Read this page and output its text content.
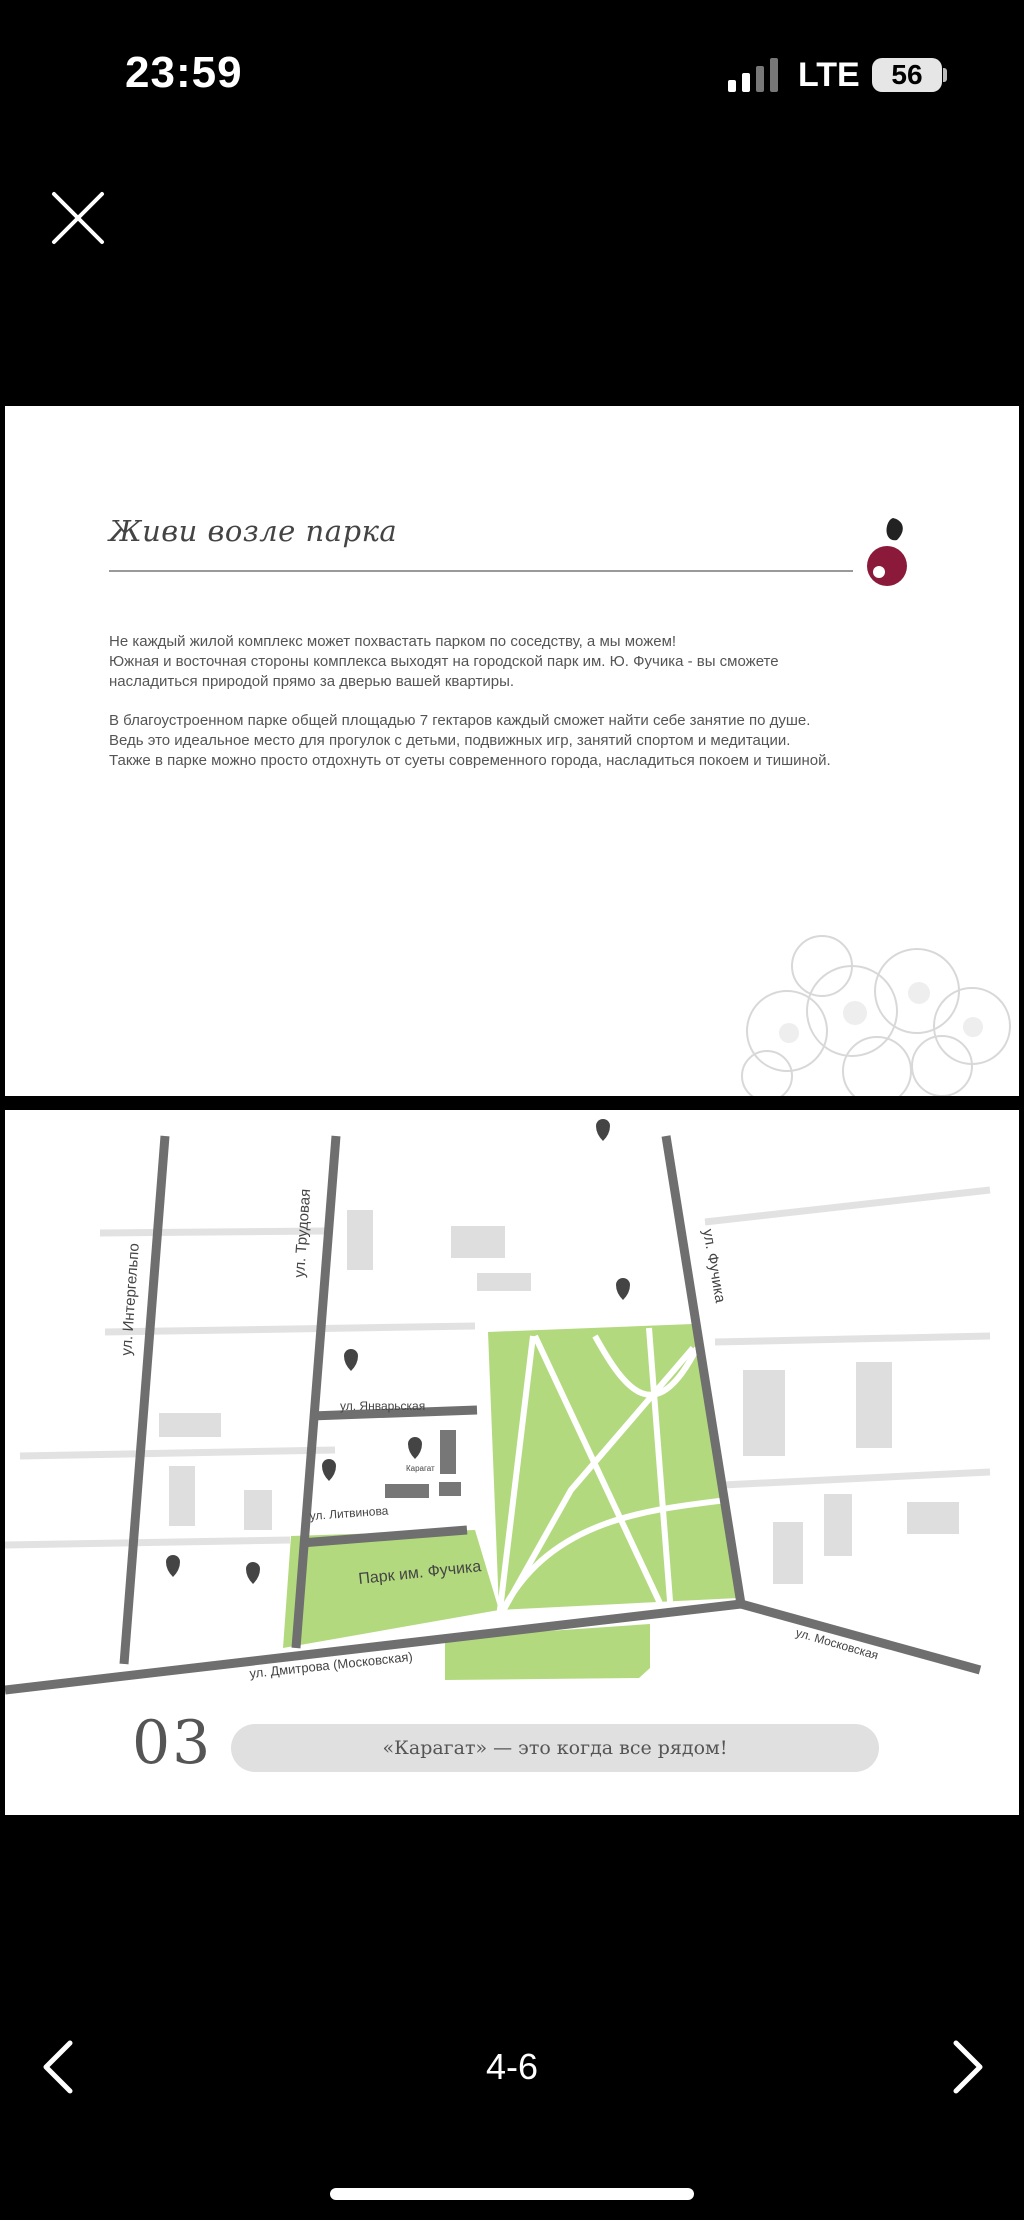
23:59	LTE	56
Живи возле парка
Не каждый жилой комплекс может похвастать парком по соседству, а мы можем!
Южная и восточная стороны комплекса выходят на городской парк им. Ю. Фучика - вы сможете
насладиться природой прямо за дверью вашей квартиры.
В благоустроенном парке общей площадью 7 гектаров каждый сможет найти себе занятие по душе.
Ведь это идеальное место для прогулок с детьми, подвижных игр, занятий спортом и медитации.
Также в парке можно просто отдохнуть от суеты современного города, насладиться покоем и тишиной.
ул. Интергельпо
ул. Трудовая	ул. Фучика
ул. Январьская
ул. Литвинова
ул. Дмитрова (Московская)
ул. Московская
Парк им. Фучика
Карагат
03	«Карагат» — это когда все рядом!
4-6
